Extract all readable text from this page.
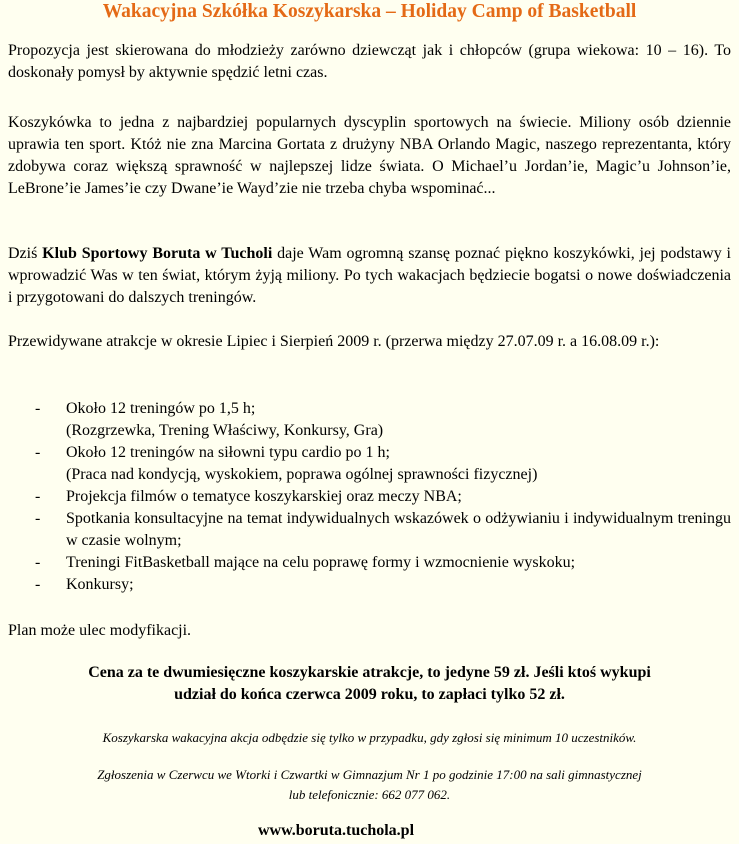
Wakacyjna Szkółka Koszykarska – Holiday Camp of Basketball

Propozycja jest skierowana do młodzieży zarówno dziewcząt jak i chłopców (grupa wiekowa: 10 – 16). To doskonały pomysł by aktywnie spędzić letni czas.

Koszykówka to jedna z najbardziej popularnych dyscyplin sportowych na świecie. Miliony osób dziennie uprawia ten sport. Któż nie zna Marcina Gortata z drużyny NBA Orlando Magic, naszego reprezentanta, który zdobywa coraz większą sprawność w najlepszej lidze świata. O Michael’u Jordan’ie, Magic’u Johnson’ie, LeBrone’ie James’ie czy Dwane’ie Wayd’zie nie trzeba chyba wspominać...

Dziś Klub Sportowy Boruta w Tucholi daje Wam ogromną szansę poznać piękno koszykówki, jej podstawy i wprowadzić Was w ten świat, którym żyją miliony. Po tych wakacjach będziecie bogatsi o nowe doświadczenia i przygotowani do dalszych treningów.

Przewidywane atrakcje w okresie Lipiec i Sierpień 2009 r. (przerwa między 27.07.09 r. a 16.08.09 r.):

- Około 12 treningów po 1,5 h;
(Rozgrzewka, Trening Właściwy, Konkursy, Gra)
- Około 12 treningów na siłowni typu cardio po 1 h;
(Praca nad kondycją, wyskokiem, poprawa ogólnej sprawności fizycznej)
- Projekcja filmów o tematyce koszykarskiej oraz meczy NBA;
- Spotkania konsultacyjne na temat indywidualnych wskazówek o odżywianiu i indywidualnym treningu w czasie wolnym;
- Treningi FitBasketball mające na celu poprawę formy i wzmocnienie wyskoku;
- Konkursy;

Plan może ulec modyfikacji.

Cena za te dwumiesięczne koszykarskie atrakcje, to jedyne 59 zł. Jeśli ktoś wykupi
udział do końca czerwca 2009 roku, to zapłaci tylko 52 zł.

Koszykarska wakacyjna akcja odbędzie się tylko w przypadku, gdy zgłosi się minimum 10 uczestników.

Zgłoszenia w Czerwcu we Wtorki i Czwartki w Gimnazjum Nr 1 po godzinie 17:00 na sali gimnastycznej
lub telefonicznie: 662 077 062.

www.boruta.tuchola.pl
